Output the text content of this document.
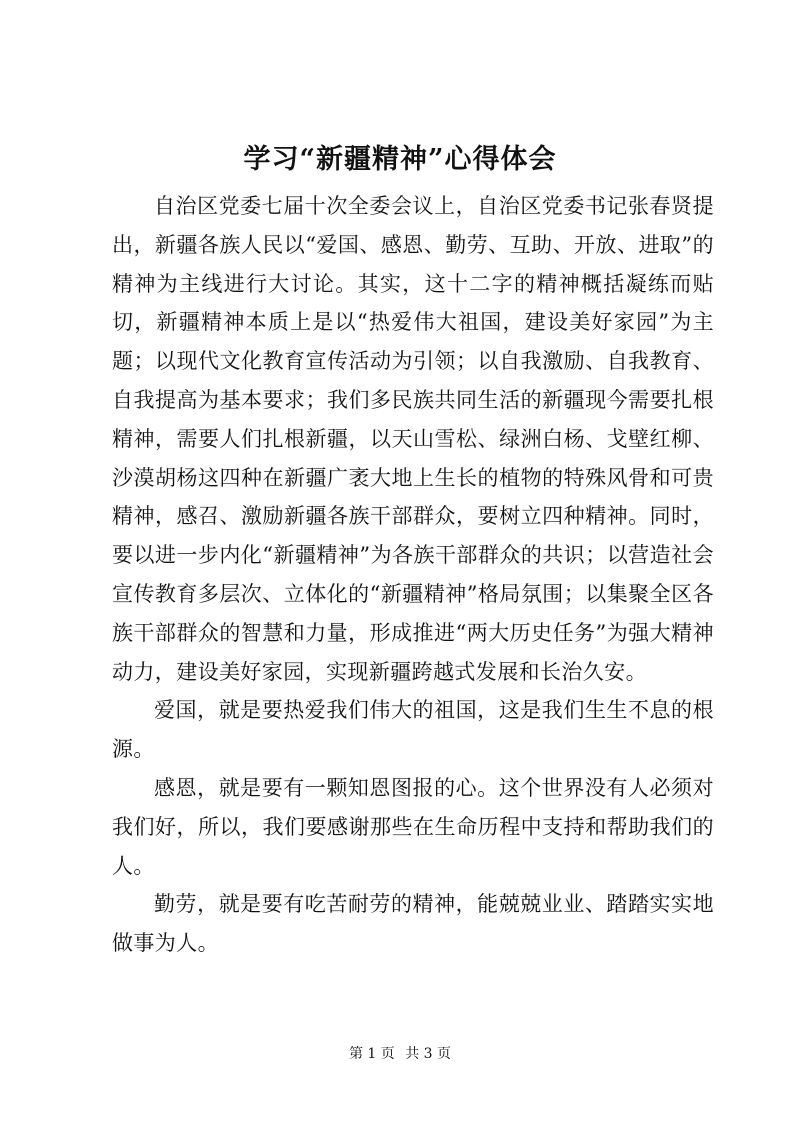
学习“新疆精神”心得体会

自治区党委七届十次全委会议上，自治区党委书记张春贤提出，新疆各族人民以“爱国、感恩、勤劳、互助、开放、进取”的精神为主线进行大讨论。其实，这十二字的精神概括凝练而贴切，新疆精神本质上是以“热爱伟大祖国，建设美好家园”为主题；以现代文化教育宣传活动为引领；以自我激励、自我教育、自我提高为基本要求；我们多民族共同生活的新疆现今需要扎根精神，需要人们扎根新疆，以天山雪松、绿洲白杨、戈壁红柳、沙漠胡杨这四种在新疆广袤大地上生长的植物的特殊风骨和可贵精神，感召、激励新疆各族干部群众，要树立四种精神。同时，要以进一步内化“新疆精神”为各族干部群众的共识；以营造社会宣传教育多层次、立体化的“新疆精神”格局氛围；以集聚全区各族干部群众的智慧和力量，形成推进“两大历史任务”为强大精神动力，建设美好家园，实现新疆跨越式发展和长治久安。

爱国，就是要热爱我们伟大的祖国，这是我们生生不息的根源。

感恩，就是要有一颗知恩图报的心。这个世界没有人必须对我们好，所以，我们要感谢那些在生命历程中支持和帮助我们的人。

勤劳，就是要有吃苦耐劳的精神，能兢兢业业、踏踏实实地做事为人。

第 1 页 共 3 页
